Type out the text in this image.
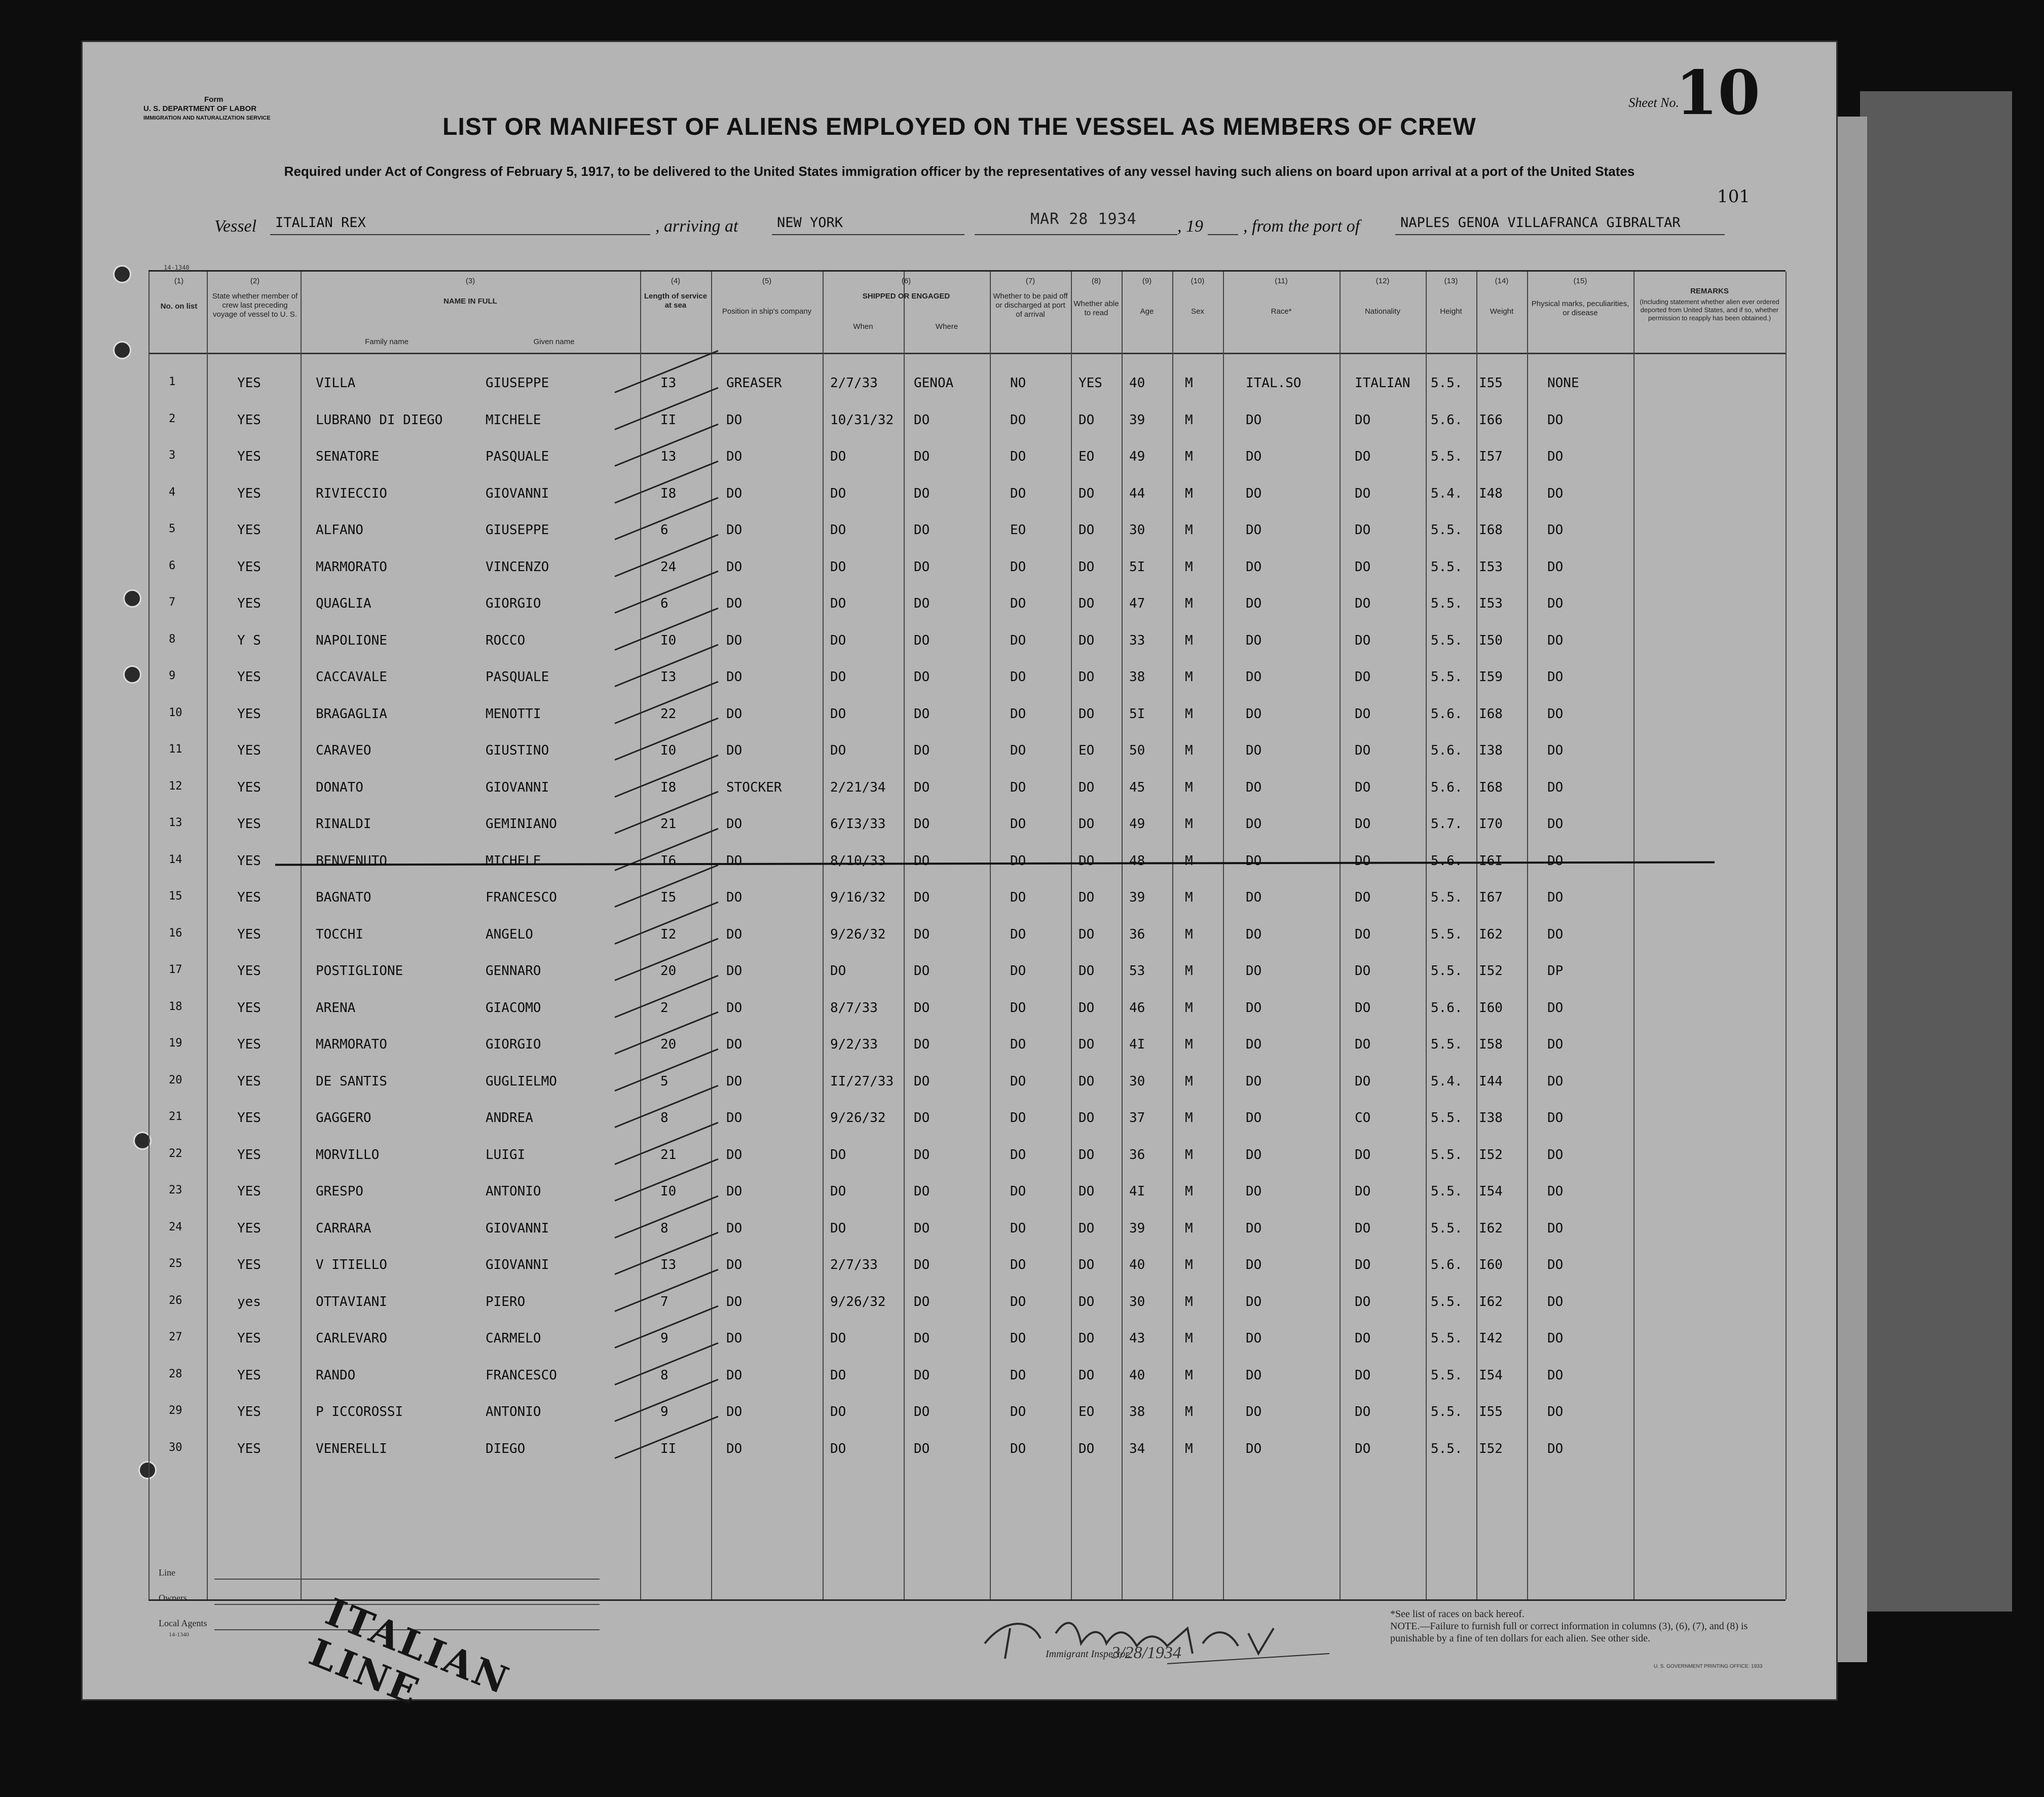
Form
U. S. DEPARTMENT OF LABOR
IMMIGRATION AND NATURALIZATION SERVICE	LIST OR MANIFEST OF ALIENS EMPLOYED ON THE VESSEL AS MEMBERS OF CREW
Required under Act of Congress of February 5, 1917, to be delivered to the United States immigration officer by the representatives of any vessel having such aliens on board upon arrival at a port of the United States
Sheet No.
10
101
Vessel	ITALIAN REX	, arriving at	NEW YORK	, 19 , from the port of	NAPLES GENOA VILLAFRANCA GIBRALTAR
MAR 28 1934
14-1340
(1)
No. on list
(2)
State whether member of crew last preceding voyage of vessel to U. S.
(3)
NAME IN FULL
Family name	Given name
(4)
Length of service at sea
(5)
Position in ship's company
(6)
SHIPPED OR ENGAGED
When	Where
(7)
Whether to be paid off or discharged at port of arrival
(8)
Whether able to read
(9)
Age
(10)
Sex
(11)
Race*
(12)
Nationality
(13)
Height
(14)
Weight
(15)
Physical marks, peculiarities, or disease
REMARKS
(Including statement whether alien ever ordered deported from United States, and if so, whether permission to reapply has been obtained.)
1	YES	VILLA	GIUSEPPE	I3	GREASER	2/7/33	GENOA	NO	YES 40	M	ITAL.SO	ITALIAN 5.5. I55	NONE
2	YES	LUBRANO DI DIEGO	MICHELE	II	DO	10/31/32 DO	DO	DO	39	M	DO	DO	5.6. I66	DO
3	YES	SENATORE	PASQUALE	13	DO	DO	DO	DO	EO	49	M	DO	DO	5.5. I57	DO
4	YES	RIVIECCIO	GIOVANNI	I8	DO	DO	DO	DO	DO	44	M	DO	DO	5.4. I48	DO
5	YES	ALFANO	GIUSEPPE	6	DO	DO	DO	EO	DO	30	M	DO	DO	5.5. I68	DO
6	YES	MARMORATO	VINCENZO	24	DO	DO	DO	DO	DO	5I	M	DO	DO	5.5. I53	DO
7	YES	QUAGLIA	GIORGIO	6	DO	DO	DO	DO	DO	47	M	DO	DO	5.5. I53	DO
8	Y S	NAPOLIONE	ROCCO	I0	DO	DO	DO	DO	DO	33	M	DO	DO	5.5. I50	DO
9	YES	CACCAVALE	PASQUALE	I3	DO	DO	DO	DO	DO	38	M	DO	DO	5.5. I59	DO
10	YES	BRAGAGLIA	MENOTTI	22	DO	DO	DO	DO	DO	5I	M	DO	DO	5.6. I68	DO
11	YES	CARAVEO	GIUSTINO	I0	DO	DO	DO	DO	EO	50	M	DO	DO	5.6. I38	DO
12	YES	DONATO	GIOVANNI	I8	STOCKER	2/21/34 DO	DO	DO	45	M	DO	DO	5.6. I68	DO
13	YES	RINALDI	GEMINIANO	21	DO	6/I3/33 DO	DO	DO	49	M	DO	DO	5.7. I70	DO
14	YES	BENVENUTO	MICHELE	I6	DO	8/10/33 DO	DO	DO	48	M	DO	DO	5.6. I6I	DO
15	YES	BAGNATO	FRANCESCO	I5	DO	9/16/32 DO	DO	DO	39	M	DO	DO	5.5. I67	DO
16	YES	TOCCHI	ANGELO	I2	DO	9/26/32 DO	DO	DO	36	M	DO	DO	5.5. I62	DO
17	YES	POSTIGLIONE	GENNARO	20	DO	DO	DO	DO	DO	53	M	DO	DO	5.5. I52	DP
18	YES	ARENA	GIACOMO	2	DO	8/7/33	DO	DO	DO	46	M	DO	DO	5.6. I60	DO
19	YES	MARMORATO	GIORGIO	20	DO	9/2/33	DO	DO	DO	4I	M	DO	DO	5.5. I58	DO
20	YES	DE SANTIS	GUGLIELMO	5	DO	II/27/33 DO	DO	DO	30	M	DO	DO	5.4. I44	DO
21	YES	GAGGERO	ANDREA	8	DO	9/26/32 DO	DO	DO	37	M	DO	CO	5.5. I38	DO
22	YES	MORVILLO	LUIGI	21	DO	DO	DO	DO	DO	36	M	DO	DO	5.5. I52	DO
23	YES	GRESPO	ANTONIO	I0	DO	DO	DO	DO	DO	4I	M	DO	DO	5.5. I54	DO
24	YES	CARRARA	GIOVANNI	8	DO	DO	DO	DO	DO	39	M	DO	DO	5.5. I62	DO
25	YES	V ITIELLO	GIOVANNI	I3	DO	2/7/33	DO	DO	DO	40	M	DO	DO	5.6. I60	DO
26	yes	OTTAVIANI	PIERO	7	DO	9/26/32 DO	DO	DO	30	M	DO	DO	5.5. I62	DO
27	YES	CARLEVARO	CARMELO	9	DO	DO	DO	DO	DO	43	M	DO	DO	5.5. I42	DO
28	YES	RANDO	FRANCESCO	8	DO	DO	DO	DO	DO	40	M	DO	DO	5.5. I54	DO
29	YES	P ICCOROSSI	ANTONIO	9	DO	DO	DO	DO	EO	38	M	DO	DO	5.5. I55	DO
30	YES	VENERELLI	DIEGO	II	DO	DO	DO	DO	DO	34	M	DO	DO	5.5. I52	DO
Line
Owners
Local Agents
14-1340	ITALIAN LINE	3/28/1934
Immigrant Inspector.
*See list of races on back hereof.
NOTE.—Failure to furnish full or correct information in columns (3), (6), (7), and (8) is punishable by a fine of ten dollars for each alien. See other side.
U. S. GOVERNMENT PRINTING OFFICE: 1933
